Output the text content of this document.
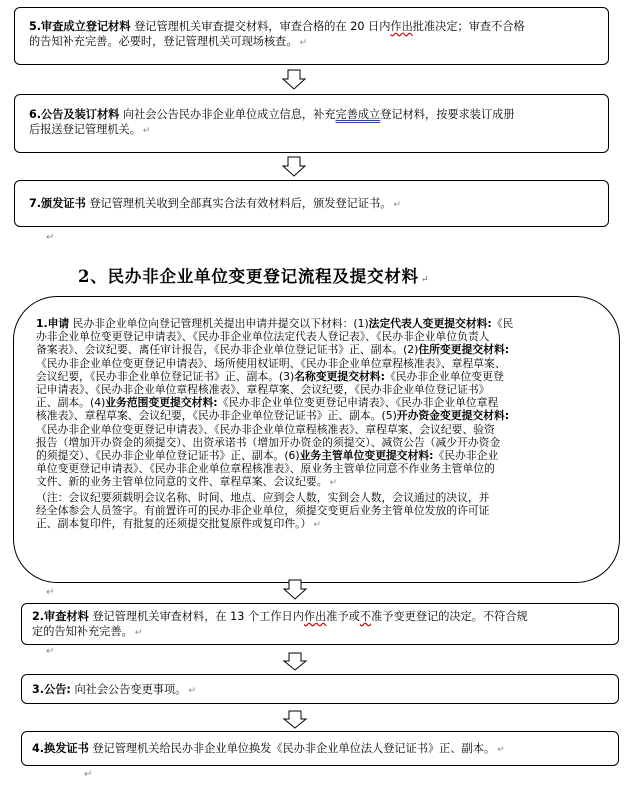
5.审查成立登记材料 登记管理机关审查提交材料，审查合格的在 20 日内作出批准决定；审查不合格
的告知补充完善。必要时，登记管理机关可现场核查。 ↵
6.公告及装订材料 向社会公告民办非企业单位成立信息，补充完善成立登记材料，按要求装订成册
后报送登记管理机关。 ↵
7.颁发证书 登记管理机关收到全部真实合法有效材料后，颁发登记证书。 ↵
↵
2、民办非企业单位变更登记流程及提交材料 ↵
1.申请 民办非企业单位向登记管理机关提出申请并提交以下材料：(1)法定代表人变更提交材料:《民
办非企业单位变更登记申请表》、《民办非企业单位法定代表人登记表》、《民办非企业单位负责人
备案表》、会议纪要、离任审计报告，《民办非企业单位登记证书》正、副本。(2)住所变更提交材料:
《民办非企业单位变更登记申请表》、场所使用权证明、《民办非企业单位章程核准表》、章程草案、
会议纪要，《民办非企业单位登记证书》正、副本。(3)名称变更提交材料:《民办非企业单位变更登
记申请表》、《民办非企业单位章程核准表》、章程草案、会议纪要，《民办非企业单位登记证书》
正、副本。(4)业务范围变更提交材料:《民办非企业单位变更登记申请表》、《民办非企业单位章程
核准表》、章程草案、会议纪要，《民办非企业单位登记证书》正、副本。(5)开办资金变更提交材料:
《民办非企业单位变更登记申请表》、《民办非企业单位章程核准表》、章程草案、会议纪要、验资
报告（增加开办资金的须提交）、出资承诺书（增加开办资金的须提交）、减资公告（减少开办资金
的须提交）、《民办非企业单位登记证书》正、副本。(6)业务主管单位变更提交材料:《民办非企业
单位变更登记申请表》、《民办非企业单位章程核准表》、原业务主管单位同意不作业务主管单位的
文件、新的业务主管单位同意的文件、章程草案、会议纪要。 ↵
（注：会议纪要须载明会议名称、时间、地点、应到会人数，实到会人数，会议通过的决议，并
经全体参会人员签字。有前置许可的民办非企业单位，须提交变更后业务主管单位发放的许可证
正、副本复印件，有批复的还须提交批复原件或复印件。） ↵
↵
2.审查材料 登记管理机关审查材料，在 13 个工作日内作出准予或不准予变更登记的决定。不符合规
定的告知补充完善。 ↵
↵
3.公告: 向社会公告变更事项。 ↵
4.换发证书 登记管理机关给民办非企业单位换发《民办非企业单位法人登记证书》正、副本。 ↵
↵
